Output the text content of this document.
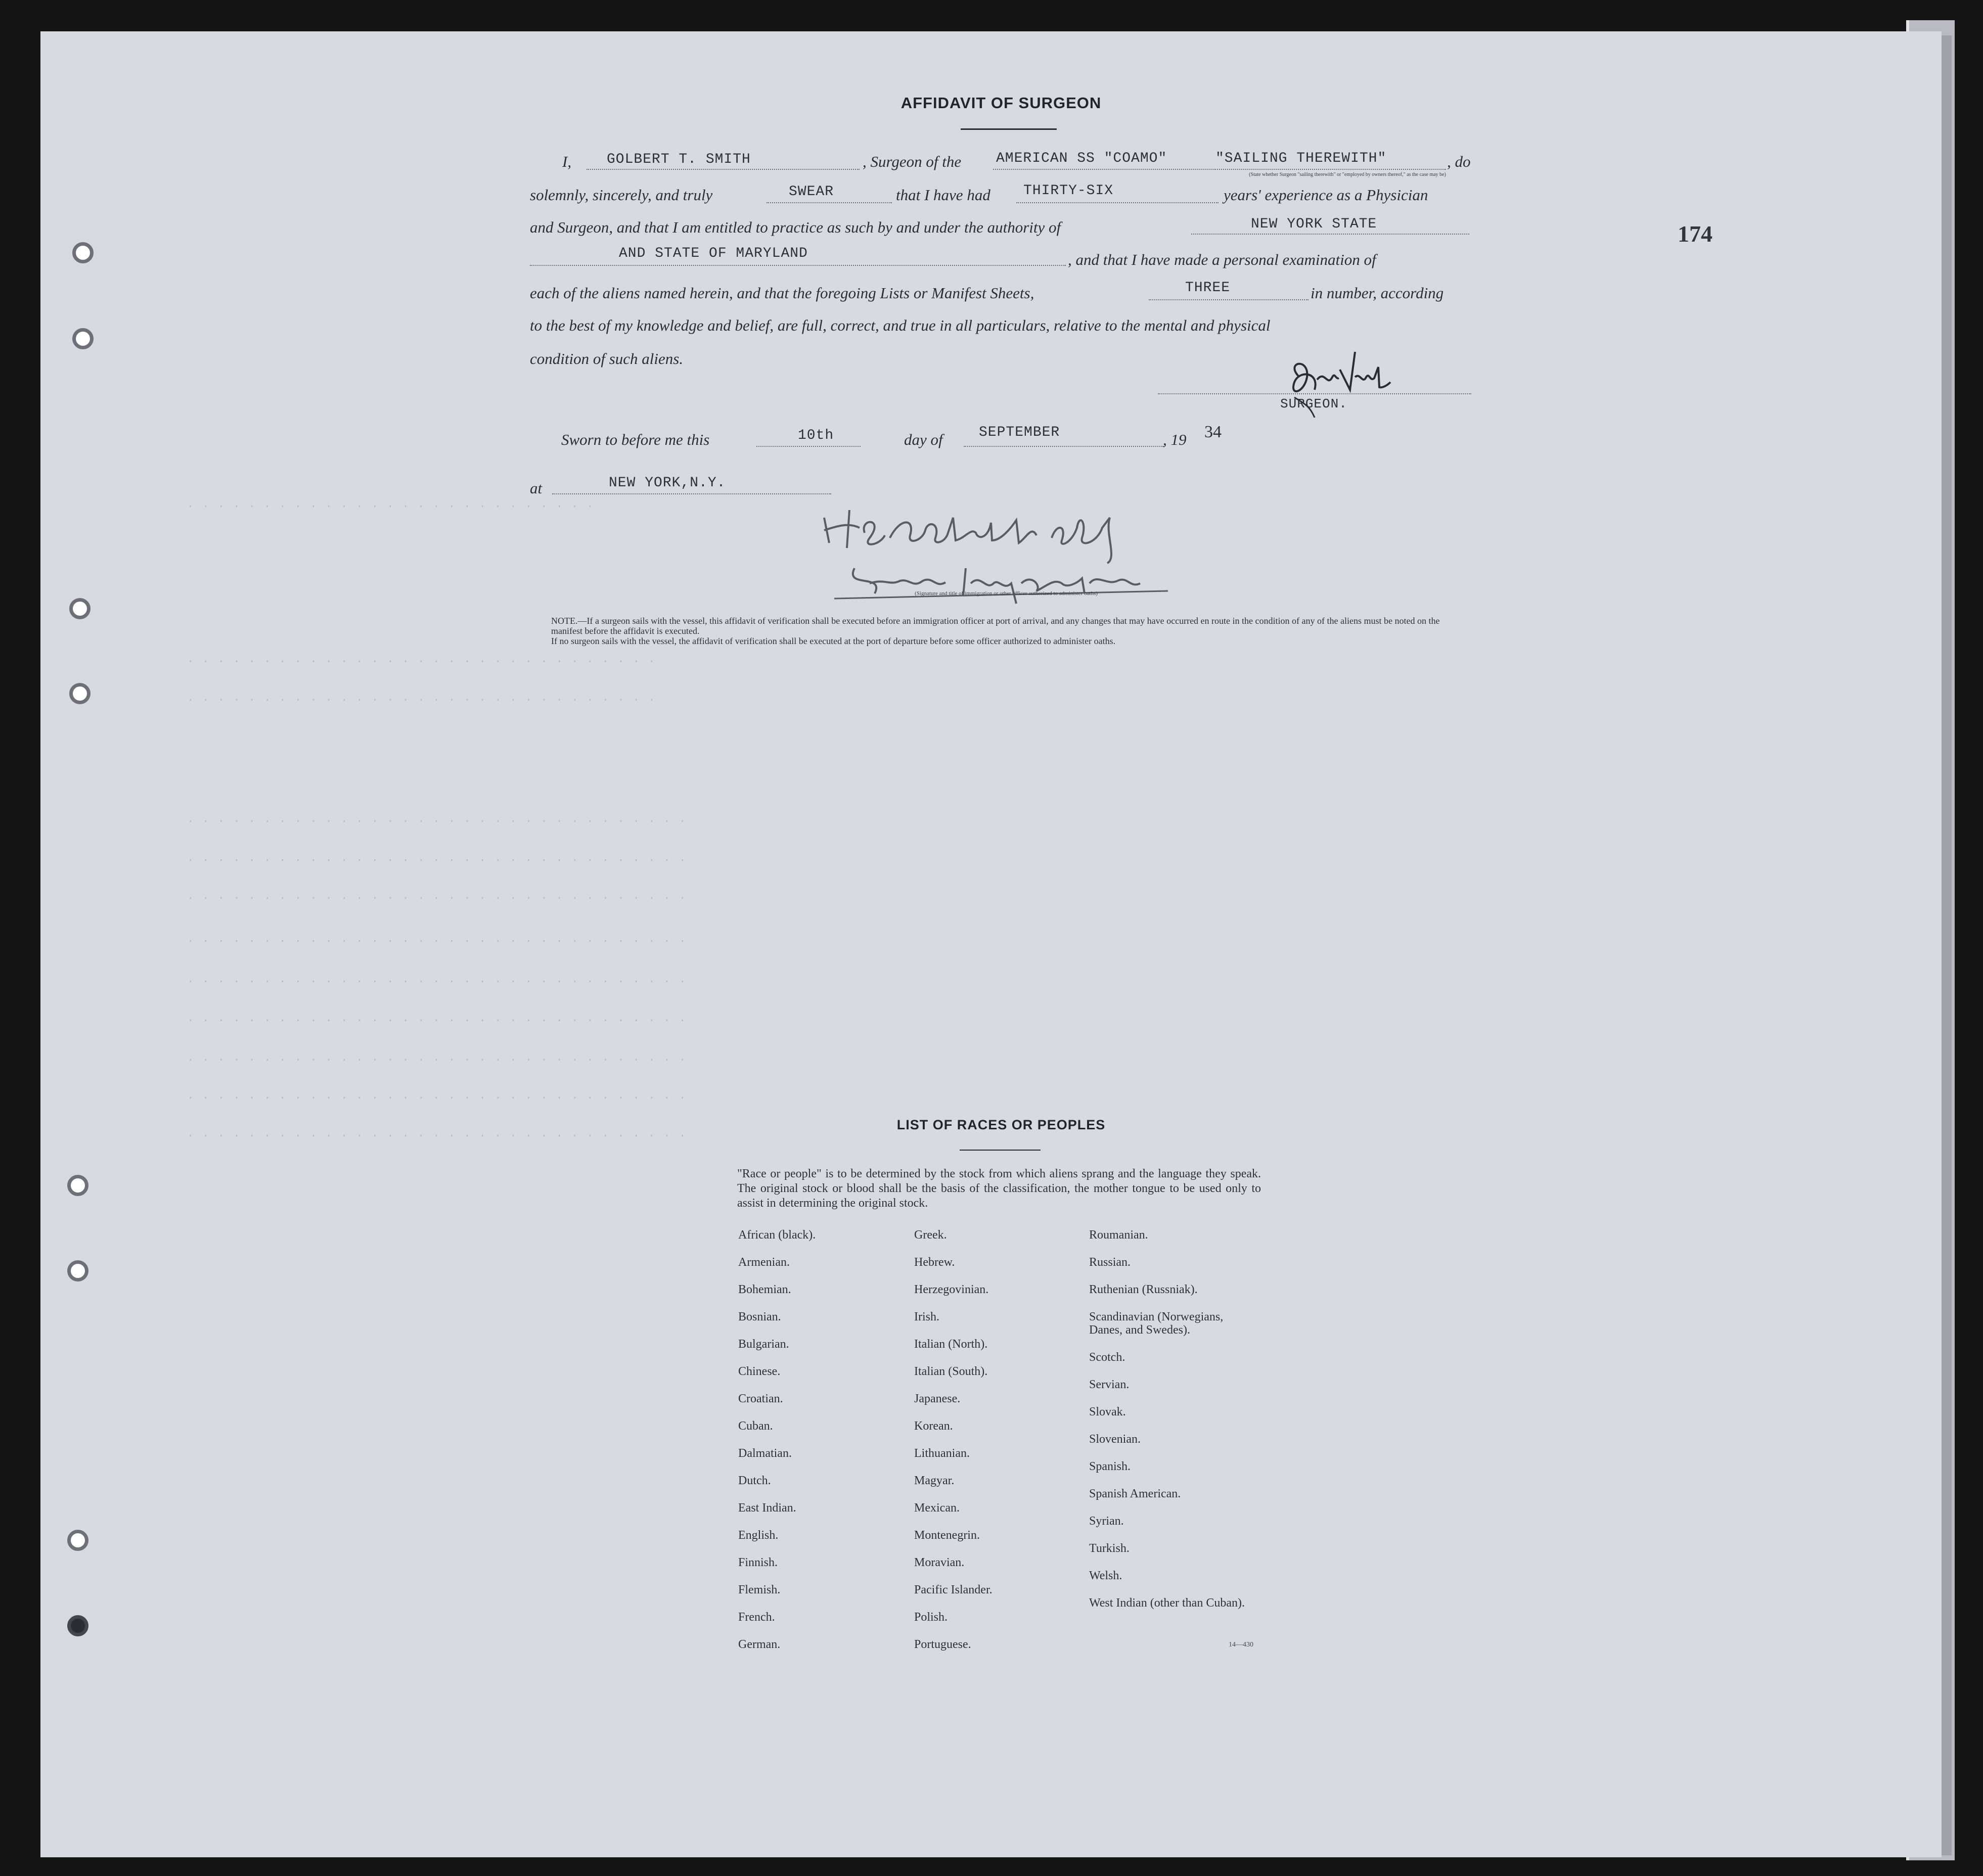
174
. . . . . . . . . . . . . . . . . . . . . . . . . . .
. . . . . . . . . . . . . . . . . . . . . . . . . . . . . . .
. . . . . . . . . . . . . . . . . . . . . . . . . . . . . . .
. . . . . . . . . . . . . . . . . . . . . . . . . . . . . . . . .
. . . . . . . . . . . . . . . . . . . . . . . . . . . . . . . . .
. . . . . . . . . . . . . . . . . . . . . . . . . . . . . . . . .
. . . . . . . . . . . . . . . . . . . . . . . . . . . . . . . . .
. . . . . . . . . . . . . . . . . . . . . . . . . . . . . . . . .
. . . . . . . . . . . . . . . . . . . . . . . . . . . . . . . . .
. . . . . . . . . . . . . . . . . . . . . . . . . . . . . . . . .
. . . . . . . . . . . . . . . . . . . . . . . . . . . . . . . . .
. . . . . . . . . . . . . . . . . . . . . . . . . . . . . . . . .
AFFIDAVIT OF SURGEON
I, GOLBERT T. SMITH	, Surgeon of the AMERICAN SS "COAMO"	"SAILING THEREWITH"	, do
(State whether Surgeon "sailing therewith" or "employed by owners thereof," as the case may be)
solemnly, sincerely, and truly	SWEAR	that I have had THIRTY-SIX	years' experience as a Physician
and Surgeon, and that I am entitled to practice as such by and under the authority of	NEW YORK STATE
AND STATE OF MARYLAND	, and that I have made a personal examination of
each of the aliens named herein, and that the foregoing Lists or Manifest Sheets,	THREE	in number, according
to the best of my knowledge and belief, are full, correct, and true in all particulars, relative to the mental and physical
condition of such aliens.
SURGEON.
Sworn to before me this	10th	day of	SEPTEMBER	, 19 34
at	NEW YORK,N.Y.
(Signature and title of immigration or other officer authorized to administer oaths)

NOTE.—If a surgeon sails with the vessel, this affidavit of verification shall be executed before an immigration officer at port of arrival, and any changes that may have occurred en route in the condition of any of the aliens must be noted on the manifest before the affidavit is executed.

If no surgeon sails with the vessel, the affidavit of verification shall be executed at the port of departure before some officer authorized to administer oaths.

LIST OF RACES OR PEOPLES
"Race or people" is to be determined by the stock from which aliens sprang and the language they speak. The original stock or blood shall be the basis of the classification, the mother tongue to be used only to assist in determining the original stock.
African (black).
Armenian.
Bohemian.
Bosnian.
Bulgarian.
Chinese.
Croatian.
Cuban.
Dalmatian.
Dutch.
East Indian.
English.
Finnish.
Flemish.
French.
German.
Greek.
Hebrew.
Herzegovinian.
Irish.
Italian (North).
Italian (South).
Japanese.
Korean.
Lithuanian.
Magyar.
Mexican.
Montenegrin.
Moravian.
Pacific Islander.
Polish.
Portuguese.
Roumanian.
Russian.
Ruthenian (Russniak).
Scandinavian (Norwegians, Danes, and Swedes).
Scotch.
Servian.
Slovak.
Slovenian.
Spanish.
Spanish American.
Syrian.
Turkish.
Welsh.
West Indian (other than Cuban).
14—430
